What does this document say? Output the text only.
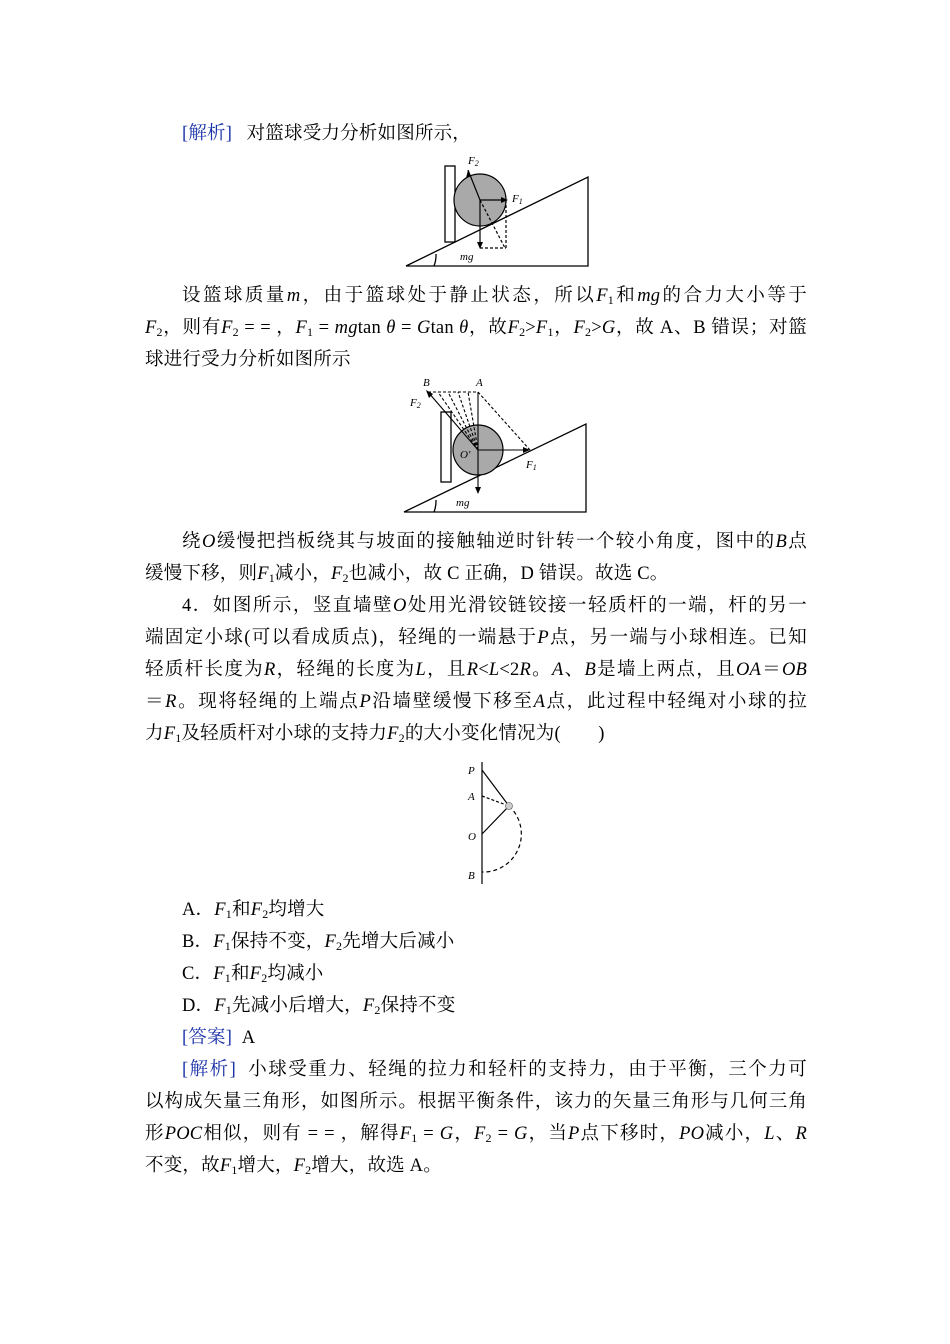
[解析] 对篮球受力分析如图所示，
F2
F1
mg
设篮球质量m，由于篮球处于静止状态，所以$F_1$和mg的合力大小等于
$F_2$，则有$F_2$ = = ，$F_1 = mgtan$ θ = Gtan θ，故$F_2>F_1$，$F_2>G$，故 A、B 错误；对篮
球进行受力分析如图所示
B	A
F2
O'
F1
mg
绕O缓慢把挡板绕其与坡面的接触轴逆时针转一个较小角度，图中的B点
缓慢下移，则$F_1$减小，$F_2$也减小，故 C 正确，D 错误。故选 C。
4．如图所示，竖直墙壁O处用光滑铰链铰接一轻质杆的一端，杆的另一
端固定小球(可以看成质点)，轻绳的一端悬于P点，另一端与小球相连。已知
轻质杆长度为R，轻绳的长度为L，且R<L<2R。A、B是墙上两点，且OA＝OB
＝R。现将轻绳的上端点P沿墙壁缓慢下移至A点，此过程中轻绳对小球的拉
力$F_1$及轻质杆对小球的支持力$F_2$的大小变化情况为(　　)
P
A
O
B
A．$F_1$和$F_2$均增大
B．$F_1$保持不变，$F_2$先增大后减小
C．$F_1$和$F_2$均减小
D．$F_1$先减小后增大，$F_2$保持不变
[答案] A
[解析] 小球受重力、轻绳的拉力和轻杆的支持力，由于平衡，三个力可
以构成矢量三角形，如图所示。根据平衡条件，该力的矢量三角形与几何三角
形POC相似，则有 = = ，解得$F_1 = G$，$F_2 = G$，当P点下移时，PO减小，L、R
不变，故$F_1$增大，$F_2$增大，故选 A。
